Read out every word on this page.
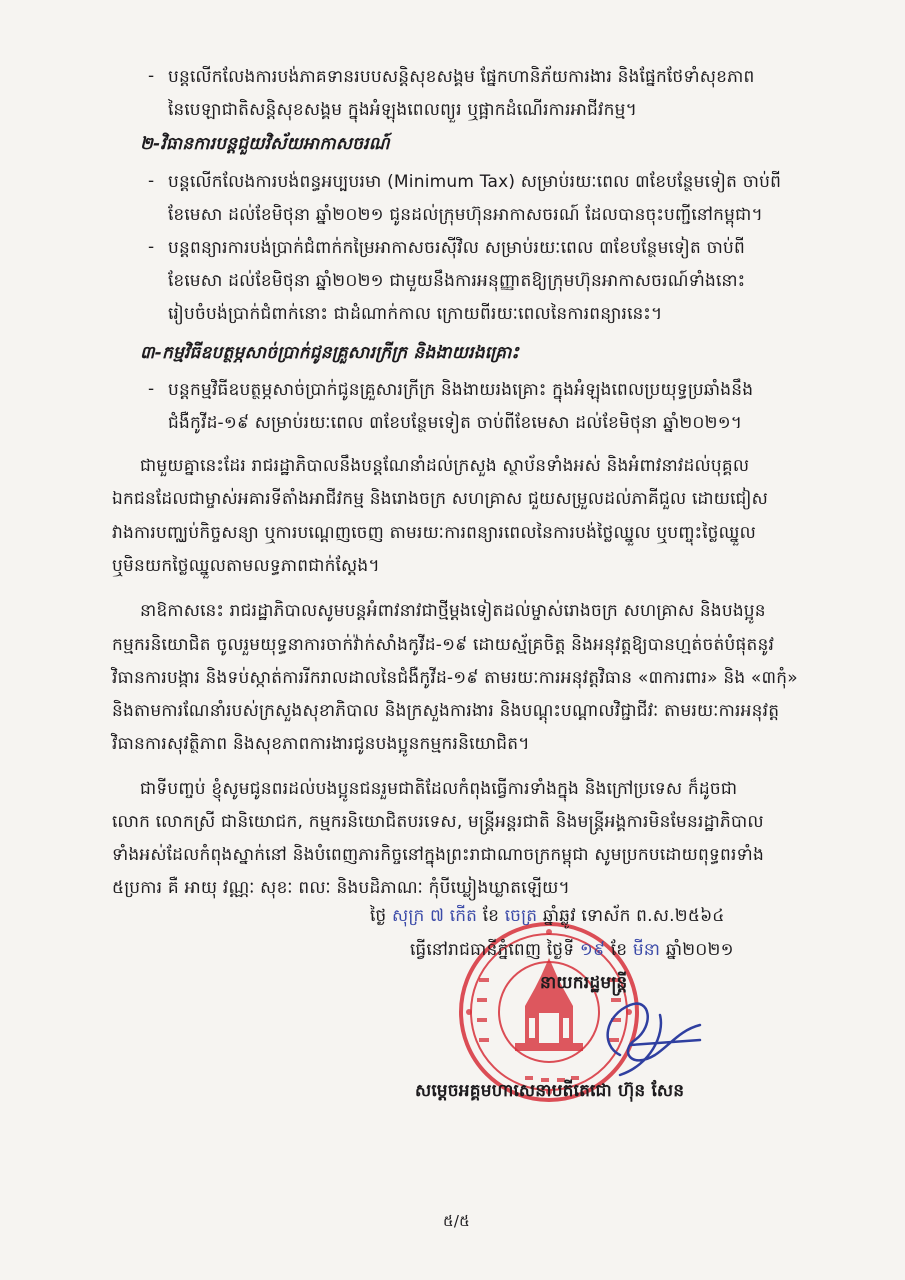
- បន្តលើកលែងការបង់ភាគទានរបបសន្តិសុខសង្គម ផ្នែកហានិភ័យការងារ និងផ្នែកថែទាំសុខភាព
នៃបេឡាជាតិសន្តិសុខសង្គម ក្នុងអំឡុងពេលព្យួរ ឬផ្អាកដំណើរការអាជីវកម្ម។
២-វិធានការបន្តជួយវិស័យអាកាសចរណ៍
- បន្តលើកលែងការបង់ពន្ធអប្បបរមា (Minimum Tax) សម្រាប់រយៈពេល ៣ខែបន្ថែមទៀត ចាប់ពី
ខែមេសា ដល់ខែមិថុនា ឆ្នាំ២០២១ ជូនដល់ក្រុមហ៊ុនអាកាសចរណ៍ ដែលបានចុះបញ្ជីនៅកម្ពុជា។
- បន្តពន្យារការបង់ប្រាក់ជំពាក់កម្រៃអាកាសចរស៊ីវិល សម្រាប់រយៈពេល ៣ខែបន្ថែមទៀត ចាប់ពី
ខែមេសា ដល់ខែមិថុនា ឆ្នាំ២០២១ ជាមួយនឹងការអនុញ្ញាតឱ្យក្រុមហ៊ុនអាកាសចរណ៍ទាំងនោះ
រៀបចំបង់ប្រាក់ជំពាក់នោះ ជាដំណាក់កាល ក្រោយពីរយៈពេលនៃការពន្យារនេះ។
៣-កម្មវិធីឧបត្ថម្ភសាច់ប្រាក់ជូនគ្រួសារក្រីក្រ និងងាយរងគ្រោះ
- បន្តកម្មវិធីឧបត្ថម្ភសាច់ប្រាក់ជូនគ្រួសារក្រីក្រ និងងាយរងគ្រោះ ក្នុងអំឡុងពេលប្រយុទ្ធប្រឆាំងនឹង
ជំងឺកូវីដ-១៩ សម្រាប់រយៈពេល ៣ខែបន្ថែមទៀត ចាប់ពីខែមេសា ដល់ខែមិថុនា ឆ្នាំ២០២១។
ជាមួយគ្នានេះដែរ រាជរដ្ឋាភិបាលនឹងបន្តណែនាំដល់ក្រសួង ស្ថាប័នទាំងអស់ និងអំពាវនាវដល់បុគ្គល
ឯកជនដែលជាម្ចាស់អគារទីតាំងអាជីវកម្ម និងរោងចក្រ សហគ្រាស ជួយសម្រួលដល់ភាគីជួល ដោយជៀស
វាងការបញ្ឈប់កិច្ចសន្យា ឬការបណ្តេញចេញ តាមរយៈការពន្យារពេលនៃការបង់ថ្លៃឈ្នួល ឬបញ្ចុះថ្លៃឈ្នួល
ឬមិនយកថ្លៃឈ្នួលតាមលទ្ធភាពជាក់ស្តែង។
នាឱកាសនេះ រាជរដ្ឋាភិបាលសូមបន្តអំពាវនាវជាថ្មីម្តងទៀតដល់ម្ចាស់រោងចក្រ សហគ្រាស និងបងប្អូន
កម្មករនិយោជិត ចូលរួមយុទ្ធនាការចាក់វ៉ាក់សាំងកូវីដ-១៩ ដោយស្ម័គ្រចិត្ត និងអនុវត្តឱ្យបានហ្មត់ចត់បំផុតនូវ
វិធានការបង្ការ និងទប់ស្កាត់ការរីករាលដាលនៃជំងឺកូវីដ-១៩ តាមរយៈការអនុវត្តវិធាន «៣ការពារ» និង «៣កុំ»
និងតាមការណែនាំរបស់ក្រសួងសុខាភិបាល និងក្រសួងការងារ និងបណ្តុះបណ្តាលវិជ្ជាជីវៈ តាមរយៈការអនុវត្ត
វិធានការសុវត្ថិភាព និងសុខភាពការងារជូនបងប្អូនកម្មករនិយោជិត។
ជាទីបញ្ចប់ ខ្ញុំសូមជូនពរដល់បងប្អូនជនរួមជាតិដែលកំពុងធ្វើការទាំងក្នុង និងក្រៅប្រទេស ក៏ដូចជា
លោក លោកស្រី ជានិយោជក, កម្មករនិយោជិតបរទេស, មន្ត្រីអន្តរជាតិ និងមន្ត្រីអង្គការមិនមែនរដ្ឋាភិបាល
ទាំងអស់ដែលកំពុងស្នាក់នៅ និងបំពេញភារកិច្ចនៅក្នុងព្រះរាជាណាចក្រកម្ពុជា សូមប្រកបដោយពុទ្ធពរទាំង
៥ប្រការ គឺ អាយុ វណ្ណៈ សុខៈ ពលៈ និងបដិភាណៈ កុំបីឃ្លៀងឃ្លាតឡើយ។
ថ្ងៃ សុក្រ ៧ កើត ខែ ចេត្រ ឆ្នាំឆ្លូវ ទោស័ក ព.ស.២៥៦៤
ធ្វើនៅរាជធានីភ្នំពេញ ថ្ងៃទី ១៩ ខែ មីនា ឆ្នាំ២០២១
នាយករដ្ឋមន្ត្រី
សម្តេចអគ្គមហាសេនាបតីតេជោ ហ៊ុន សែន
៥/៥
